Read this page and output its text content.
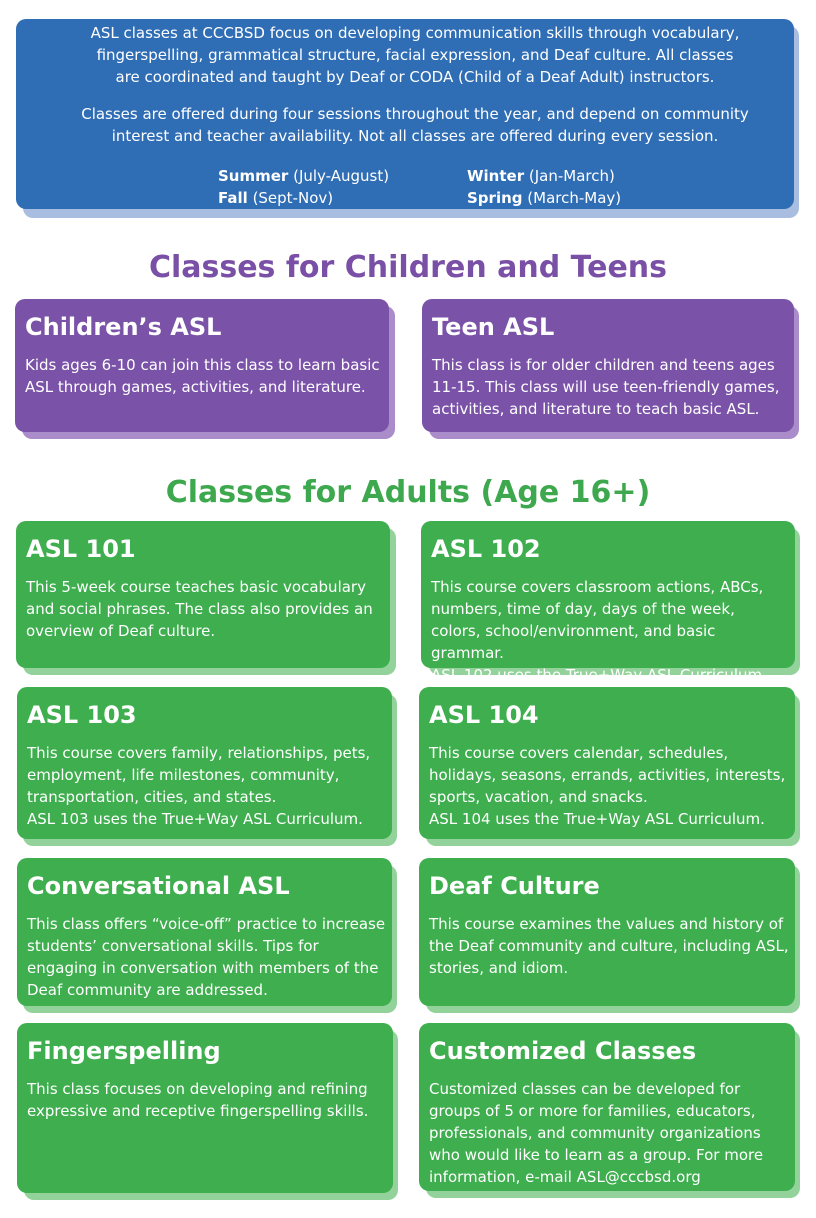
ASL classes at CCCBSD focus on developing communication skills through vocabulary, fingerspelling, grammatical structure, facial expression, and Deaf culture. All classes are coordinated and taught by Deaf or CODA (Child of a Deaf Adult) instructors.

Classes are offered during four sessions throughout the year, and depend on community interest and teacher availability. Not all classes are offered during every session.

Summer (July-August)
Fall (Sept-Nov)
Winter (Jan-March)
Spring (March-May)
Classes for Children and Teens
Children’s ASL

Kids ages 6-10 can join this class to learn basic ASL through games, activities, and literature.

Teen ASL

This class is for older children and teens ages 11-15. This class will use teen-friendly games, activities, and literature to teach basic ASL.

Classes for Adults (Age 16+)
ASL 101

This 5-week course teaches basic vocabulary and social phrases. The class also provides an overview of Deaf culture.

ASL 102

This course covers classroom actions, ABCs, numbers, time of day, days of the week, colors, school/environment, and basic grammar.

ASL 102 uses the True+Way ASL Curriculum.

ASL 103

This course covers family, relationships, pets, employment, life milestones, community, transportation, cities, and states.

ASL 103 uses the True+Way ASL Curriculum.

ASL 104

This course covers calendar, schedules, holidays, seasons, errands, activities, interests, sports, vacation, and snacks.

ASL 104 uses the True+Way ASL Curriculum.

Conversational ASL

This class offers “voice-off” practice to increase students’ conversational skills. Tips for engaging in conversation with members of the Deaf community are addressed.

Deaf Culture

This course examines the values and history of the Deaf community and culture, including ASL, stories, and idiom.

Fingerspelling

This class focuses on developing and refining expressive and receptive fingerspelling skills.

Customized Classes

Customized classes can be developed for groups of 5 or more for families, educators, professionals, and community organizations who would like to learn as a group. For more information, e-mail ASL@cccbsd.org
